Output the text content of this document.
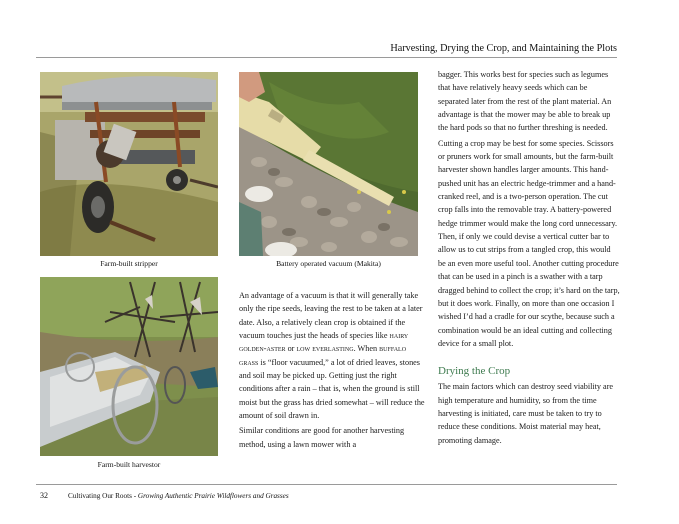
Harvesting, Drying the Crop, and Maintaining the Plots
Farm-built stripper	Battery operated vacuum (Makita)
Farm-built harvestor

An advantage of a vacuum is that it will generally take only the ripe seeds, leaving the rest to be taken at a later date. Also, a relatively clean crop is obtained if the vacuum touches just the heads of species like hairy golden-aster or low everlasting. When buffalo grass is “floor vacuumed,” a lot of dried leaves, stones and soil may be picked up. Getting just the right conditions after a rain – that is, when the ground is still moist but the grass has dried somewhat – will reduce the amount of soil drawn in.

Similar conditions are good for another harvesting method, using a lawn mower with a

bagger. This works best for species such as legumes that have relatively heavy seeds which can be separated later from the rest of the plant material. An advantage is that the mower may be able to break up the hard pods so that no further threshing is needed.

Cutting a crop may be best for some species. Scissors or pruners work for small amounts, but the farm-built harvester shown handles larger amounts. This hand-pushed unit has an electric hedge-trimmer and a hand-cranked reel, and is a two-person operation. The cut crop falls into the removable tray. A battery-powered hedge trimmer would make the long cord unnecessary. Then, if only we could devise a vertical cutter bar to allow us to cut strips from a tangled crop, this would be an even more useful tool. Another cutting procedure that can be used in a pinch is a swather with a tarp dragged behind to collect the crop; it’s hard on the tarp, but it does work. Finally, on more than one occasion I wished I’d had a cradle for our scythe, because such a combination would be an ideal cutting and collecting device for a small plot.

Drying the Crop

The main factors which can destroy seed viability are high temperature and humidity, so from the time harvesting is initiated, care must be taken to try to reduce these conditions. Moist material may heat, promoting damage.

32	Cultivating Our Roots - Growing Authentic Prairie Wildflowers and Grasses
